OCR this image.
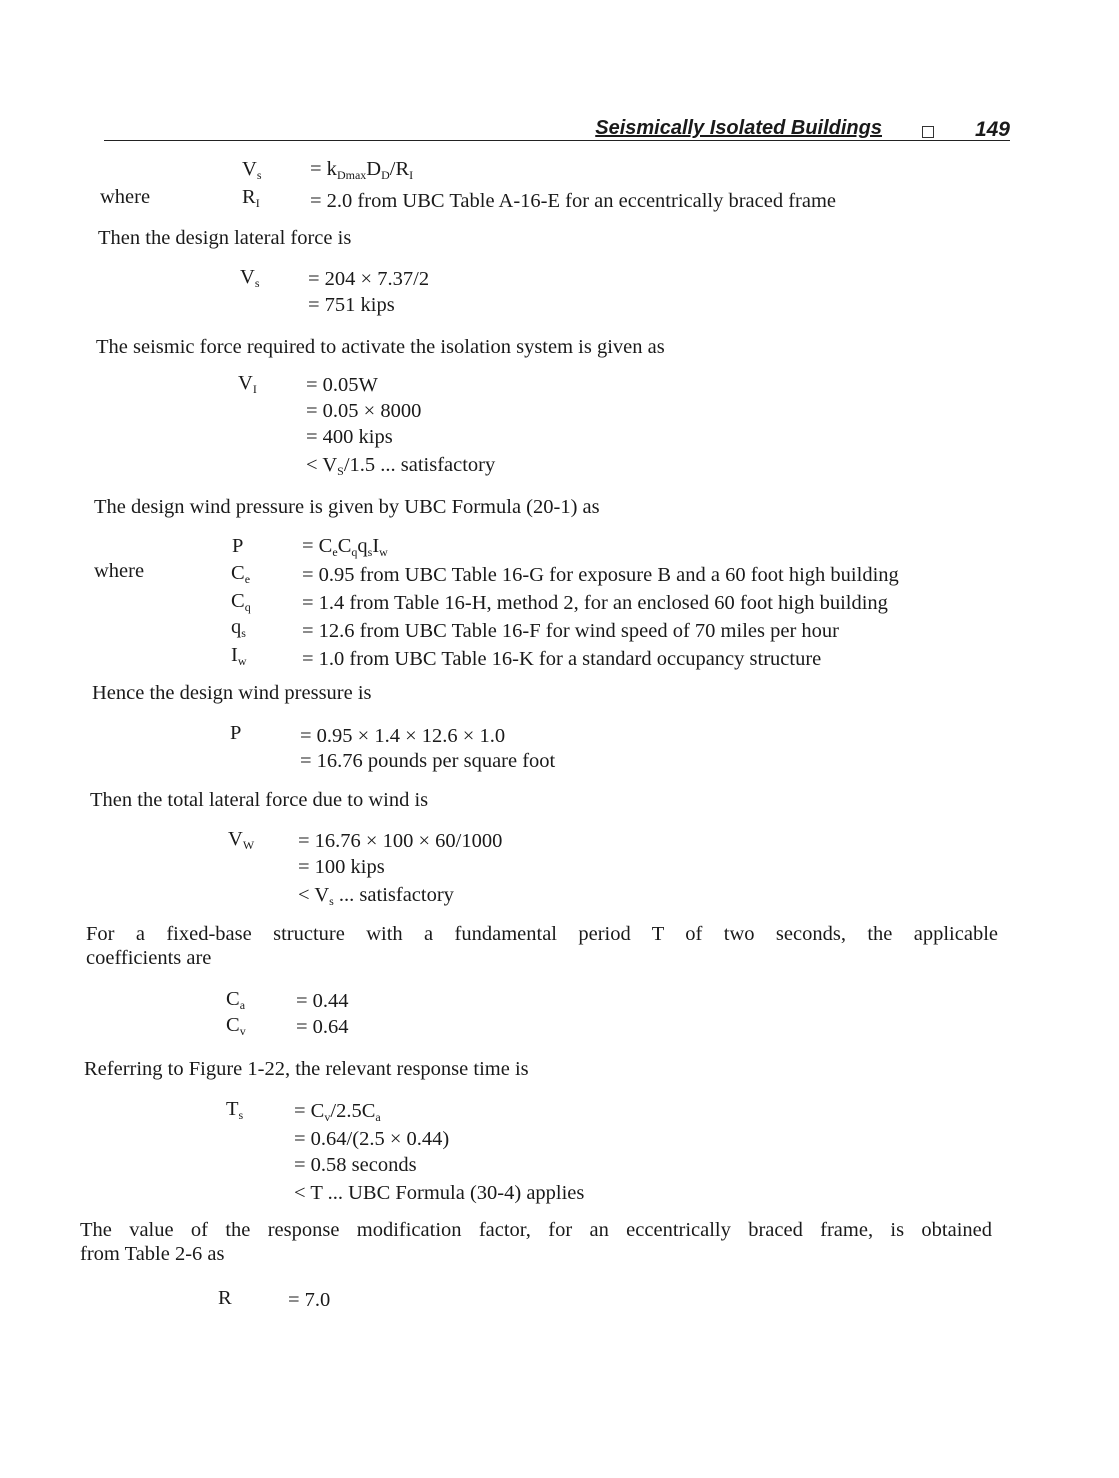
Seismically Isolated Buildings	149
$V_s = k_{Dmax}D_D/R_I$
where	$R_I = 2.0$ from UBC Table A-16-E for an eccentrically braced frame
Then the design lateral force is
$V_s = 204 \times 7.37/2$
= 751 kips
The seismic force required to activate the isolation system is given as
$V_I = 0.05W$
= 0.05 × 8000
= 400 kips
< $V_S/1.5$ ... satisfactory
The design wind pressure is given by UBC Formula (20-1) as
P	= $C_eC_qq_sI_w$
where	$C_e$	= 0.95 from UBC Table 16-G for exposure B and a 60 foot high building
$C_q$	= 1.4 from Table 16-H, method 2, for an enclosed 60 foot high building
$q_s$	= 12.6 from UBC Table 16-F for wind speed of 70 miles per hour
$I_w$	= 1.0 from UBC Table 16-K for a standard occupancy structure
Hence the design wind pressure is
P	= 0.95 × 1.4 × 12.6 × 1.0
= 16.76 pounds per square foot
Then the total lateral force due to wind is
$V_W = 16.76 \times 100 \times 60/1000$
= 100 kips
< $V_s$ ... satisfactory
For a fixed-base structure with a fundamental period T of two seconds, the applicable
coefficients are
$C_a = 0.44$
$C_v = 0.64$
Referring to Figure 1-22, the relevant response time is
$T_s = C_v/2.5C_a$
= 0.64/(2.5 × 0.44)
= 0.58 seconds
< T ... UBC Formula (30-4) applies
The value of the response modification factor, for an eccentrically braced frame, is obtained
from Table 2-6 as
R	= 7.0
